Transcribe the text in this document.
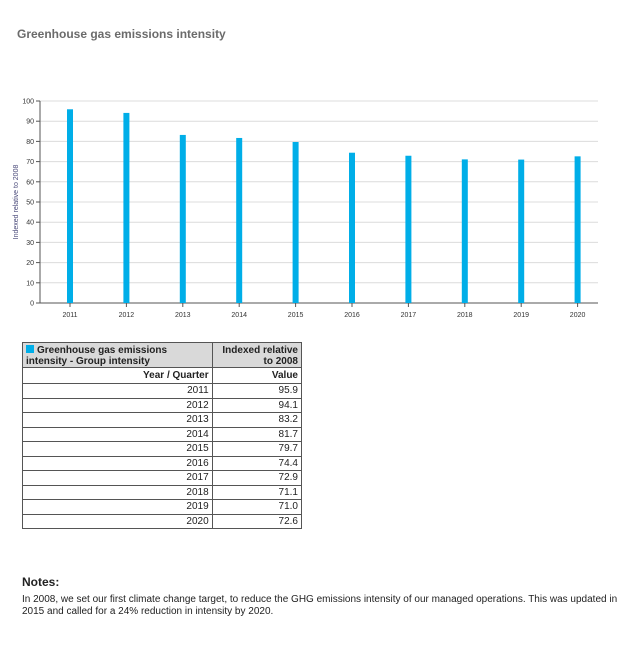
Greenhouse gas emissions intensity
0
10
20
30
40
50
60
70
80
90
100
2011	2012	2013	2014	2015	2016	2017	2018	2019	2020
Indexed relative to 2008
Greenhouse gas emissions intensity - Group intensity	Indexed relative to 2008
Year / Quarter	Value
2011	95.9
2012	94.1
2013	83.2
2014	81.7
2015	79.7
2016	74.4
2017	72.9
2018	71.1
2019	71.0
2020	72.6
Notes:
In 2008, we set our first climate change target, to reduce the GHG emissions intensity of our managed operations. This was updated in 2015 and called for a 24% reduction in intensity by 2020.
